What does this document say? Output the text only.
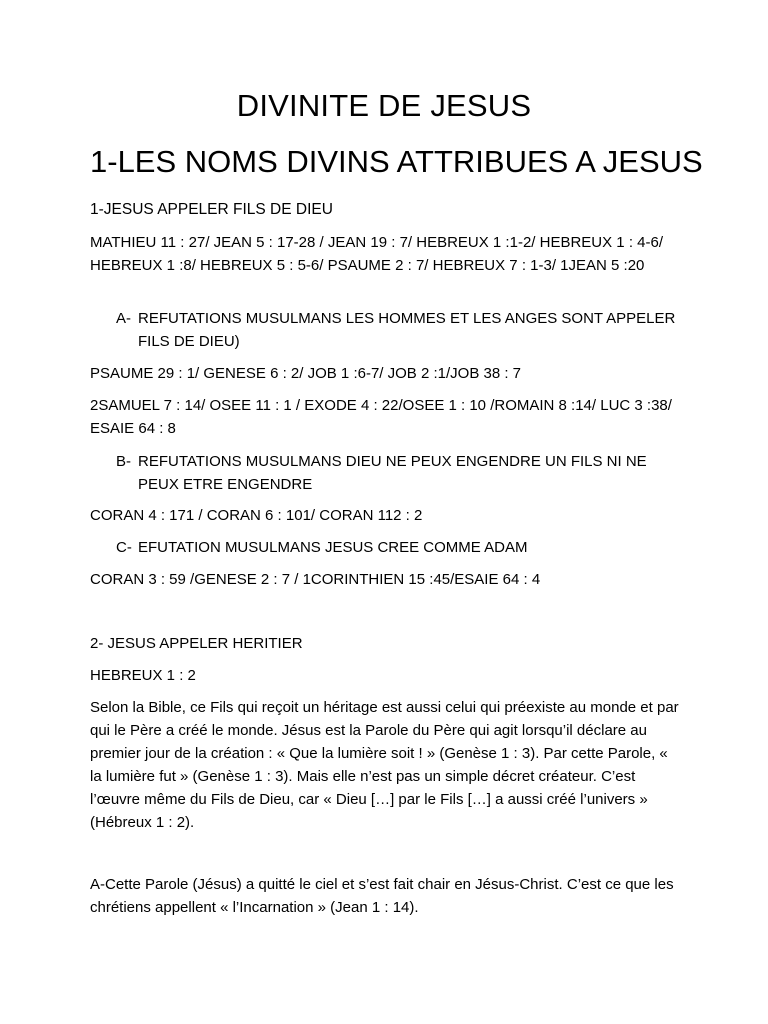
DIVINITE DE JESUS
1-LES NOMS DIVINS ATTRIBUES A JESUS

1-JESUS APPELER FILS DE DIEU

MATHIEU 11 : 27/ JEAN 5 : 17-28 / JEAN 19 : 7/ HEBREUX 1 :1-2/ HEBREUX 1 : 4-6/ HEBREUX 1 :8/ HEBREUX 5 : 5-6/ PSAUME 2 : 7/ HEBREUX 7 : 1-3/ 1JEAN 5 :20

A- REFUTATIONS MUSULMANS LES HOMMES ET LES ANGES SONT APPELER FILS DE DIEU)

PSAUME 29 : 1/ GENESE 6 : 2/ JOB 1 :6-7/ JOB 2 :1/JOB 38 : 7

2SAMUEL 7 : 14/ OSEE 11 : 1 / EXODE 4 : 22/OSEE 1 : 10 /ROMAIN 8 :14/ LUC 3 :38/ ESAIE 64 : 8

B- REFUTATIONS MUSULMANS DIEU NE PEUX ENGENDRE UN FILS NI NE PEUX ETRE ENGENDRE

CORAN 4 : 171 / CORAN 6 : 101/ CORAN 112 : 2

C- EFUTATION MUSULMANS JESUS CREE COMME ADAM

CORAN 3 : 59 /GENESE 2 : 7 / 1CORINTHIEN 15 :45/ESAIE 64 : 4

2- JESUS APPELER HERITIER

HEBREUX 1 : 2

Selon la Bible, ce Fils qui reçoit un héritage est aussi celui qui préexiste au monde et par qui le Père a créé le monde. Jésus est la Parole du Père qui agit lorsqu’il déclare au premier jour de la création : « Que la lumière soit ! » (Genèse 1 : 3). Par cette Parole, « la lumière fut » (Genèse 1 : 3). Mais elle n’est pas un simple décret créateur. C’est l’œuvre même du Fils de Dieu, car « Dieu […] par le Fils […] a aussi créé l’univers » (Hébreux 1 : 2).

A-Cette Parole (Jésus) a quitté le ciel et s’est fait chair en Jésus-Christ. C’est ce que les chrétiens appellent « l’Incarnation » (Jean 1 : 14).
